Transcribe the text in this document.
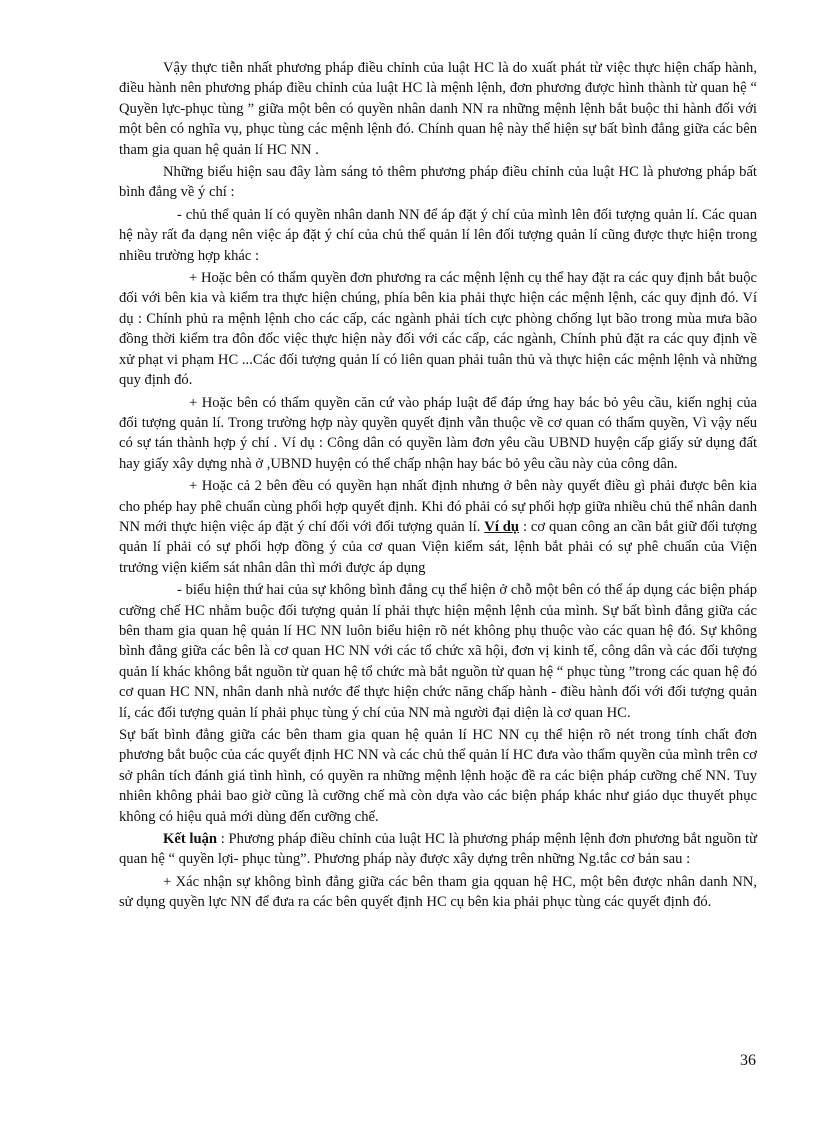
Vậy thực tiễn nhất phương pháp điều chỉnh của luật HC là do xuất phát từ việc thực hiện chấp hành, điều hành nên phương pháp điều chỉnh của luật HC là mệnh lệnh, đơn phương được hình thành từ quan hệ “ Quyền lực-phục tùng ” giữa một bên có quyền nhân danh NN ra những mệnh lệnh bắt buộc thi hành đối với một bên có nghĩa vụ, phục tùng các mệnh lệnh đó. Chính quan hệ này thể hiện sự bất bình đẳng giữa các bên tham gia quan hệ quản lí HC NN .

Những biểu hiện sau đây làm sáng tỏ thêm phương pháp điều chỉnh của luật HC là phương pháp bất bình đẳng về ý chí :

- chủ thể quản lí có quyền nhân danh NN để áp đặt ý chí của mình lên đối tượng quản lí. Các quan hệ này rất đa dạng nên việc áp đặt ý chí của chủ thể quản lí lên đối tượng quản lí cũng được thực hiện trong nhiều trường hợp khác :

+ Hoặc bên có thẩm quyền đơn phương ra các mệnh lệnh cụ thể hay đặt ra các quy định bắt buộc đối với bên kia và kiểm tra thực hiện chúng, phía bên kia phải thực hiện các mệnh lệnh, các quy định đó. Ví dụ : Chính phủ ra mệnh lệnh cho các cấp, các ngành phải tích cực phòng chống lụt bão trong mùa mưa bão đồng thời kiểm tra đôn đốc việc thực hiện này đối với các cấp, các ngành, Chính phủ đặt ra các quy định về xử phạt vi phạm HC ...Các đối tượng quản lí có liên quan phải tuân thủ và thực hiện các mệnh lệnh và những quy định đó.

+ Hoặc bên có thẩm quyền căn cứ vào pháp luật để đáp ứng hay bác bỏ yêu cầu, kiến nghị của đối tượng quản lí. Trong trường hợp này quyền quyết định vẫn thuộc về cơ quan có thẩm quyền, Vì vậy nếu có sự tán thành hợp ý chí . Ví dụ : Công dân có quyền làm đơn yêu cầu UBND huyện cấp giấy sử dụng đất hay giấy xây dựng nhà ở ,UBND huyện có thể chấp nhận hay bác bỏ yêu cầu này của công dân.

+ Hoặc cả 2 bên đều có quyền hạn nhất định nhưng ở bên này quyết điều gì phải được bên kia cho phép hay phê chuẩn cùng phối hợp quyết định. Khi đó phải có sự phối hợp giữa nhiều chủ thể nhân danh NN mới thực hiện việc áp đặt ý chí đối với đối tượng quản lí. Ví dụ : cơ quan công an cần bắt giữ đối tượng quản lí phải có sự phối hợp đồng ý của cơ quan Viện kiểm sát, lệnh bắt phải có sự phê chuẩn của Viện trưởng viện kiểm sát nhân dân thì mới được áp dụng

- biểu hiện thứ hai của sự không bình đẳng cụ thể hiện ở chỗ một bên có thể áp dụng các biện pháp cưỡng chế HC nhằm buộc đối tượng quản lí phải thực hiện mệnh lệnh của mình. Sự bất bình đẳng giữa các bên tham gia quan hệ quản lí HC NN luôn biểu hiện rõ nét không phụ thuộc vào các quan hệ đó. Sự không bình đẳng giữa các bên là cơ quan HC NN với các tổ chức xã hội, đơn vị kinh tế, công dân và các đối tượng quản lí khác không bắt nguồn từ quan hệ tổ chức mà bắt nguồn từ quan hệ “ phục tùng ”trong các quan hệ đó cơ quan HC NN, nhân danh nhà nước để thực hiện chức năng chấp hành - điều hành đối với đối tượng quản lí, các đối tượng quản lí phải phục tùng ý chí của NN mà người đại diện là cơ quan HC.

Sự bất bình đẳng giữa các bên tham gia quan hệ quản lí HC NN cụ thể hiện rõ nét trong tính chất đơn phương bắt buộc của các quyết định HC NN và các chủ thể quản lí HC đưa vào thẩm quyền của mình trên cơ sở phân tích đánh giá tình hình, có quyền ra những mệnh lệnh hoặc đề ra các biện pháp cưỡng chế NN. Tuy nhiên không phải bao giờ cũng là cưỡng chế mà còn dựa vào các biện pháp khác như giáo dục thuyết phục không có hiệu quả mới dùng đến cưỡng chế.

Kết luận : Phương pháp điều chỉnh của luật HC là phương pháp mệnh lệnh đơn phương bắt nguồn từ quan hệ “ quyền lợi- phục tùng”. Phương pháp này được xây dựng trên những Ng.tắc cơ bản sau :

+ Xác nhận sự không bình đẳng giữa các bên tham gia qquan hệ HC, một bên được nhân danh NN, sử dụng quyền lực NN để đưa ra các bên quyết định HC cụ bên kia phải phục tùng các quyết định đó.

36
